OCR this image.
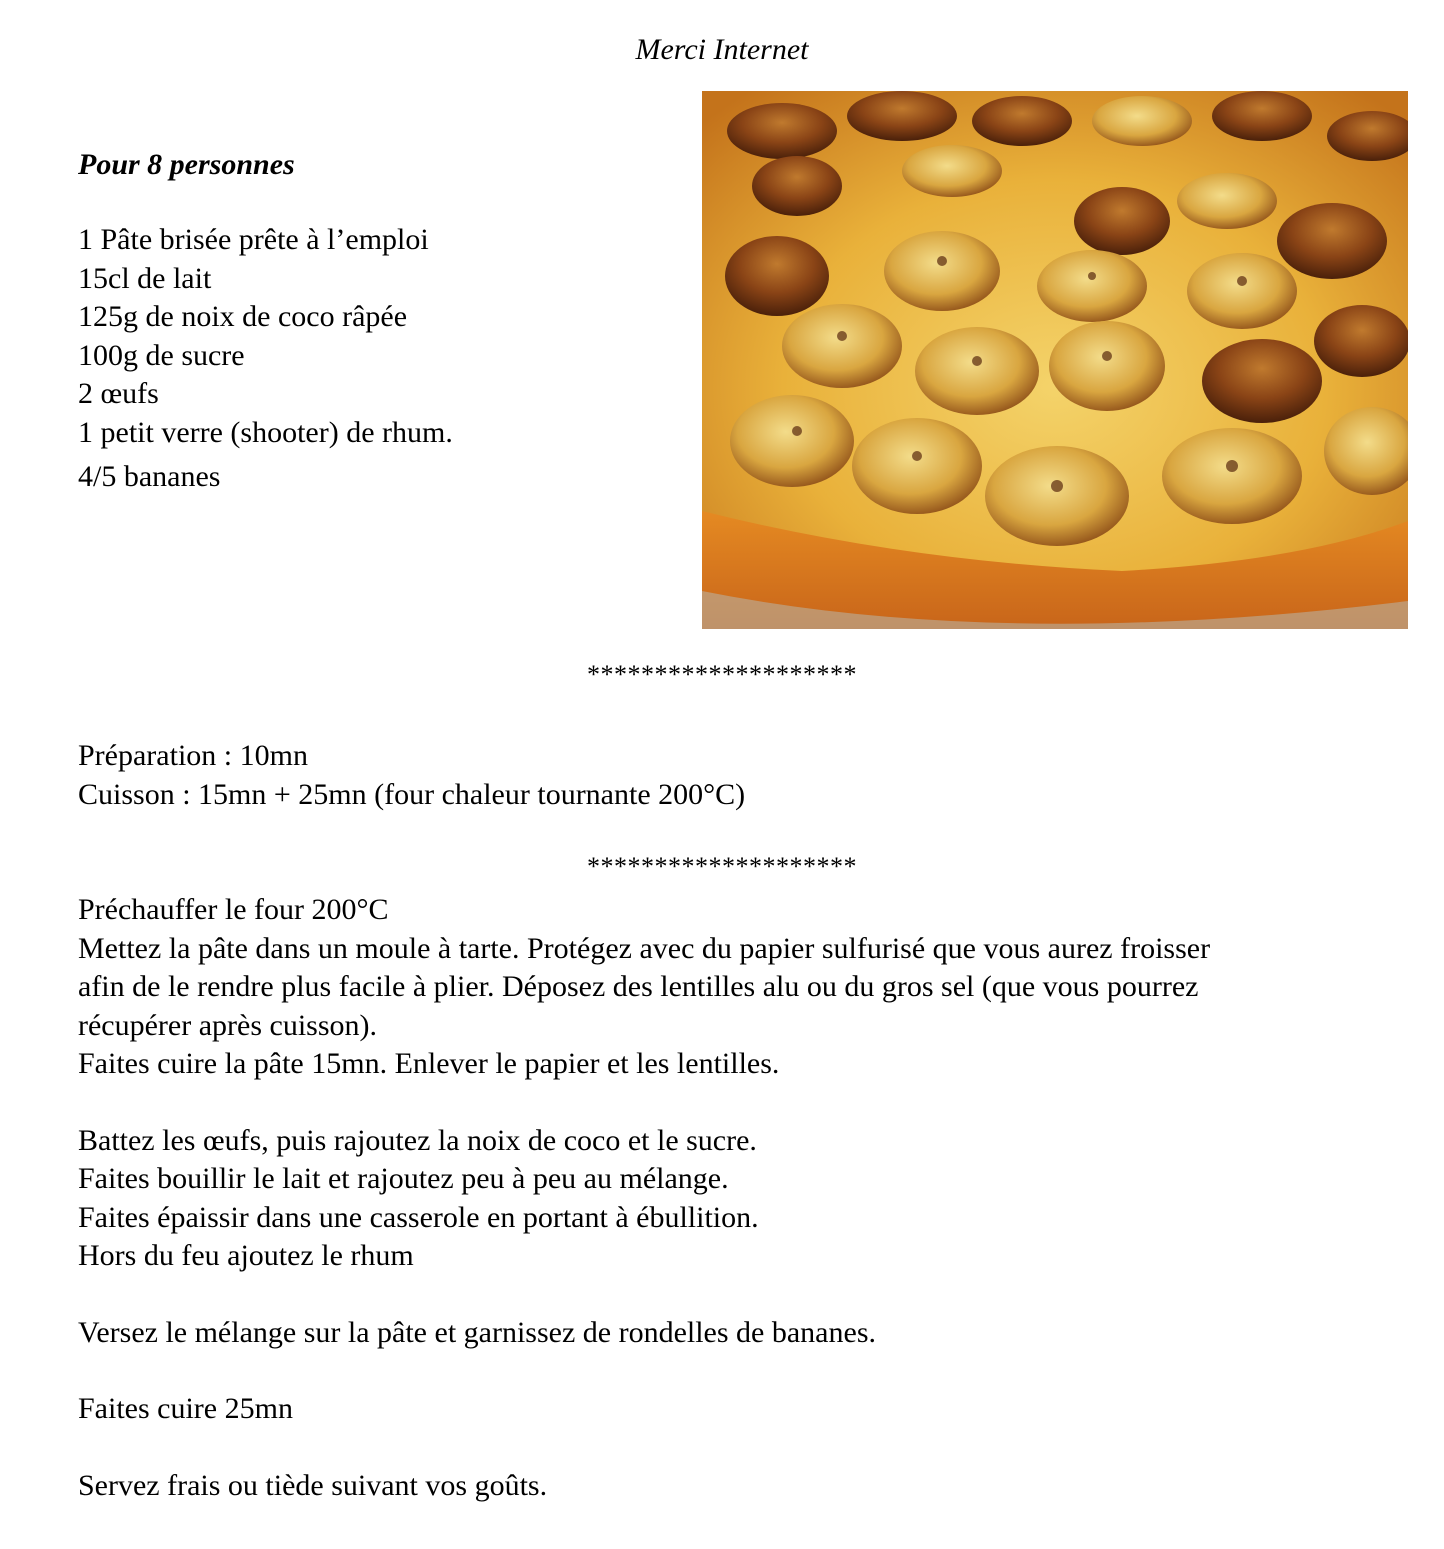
Merci Internet
Pour 8 personnes
1 Pâte brisée prête à l’emploi
15cl de lait
125g de noix de coco râpée
100g de sucre
2 œufs
1 petit verre (shooter) de rhum.
4/5 bananes
********************

Préparation : 10mn

Cuisson : 15mn + 25mn (four chaleur tournante 200°C)

********************

Préchauffer le four 200°C

Mettez la pâte dans un moule à tarte. Protégez avec du papier sulfurisé que vous aurez froisser

afin de le rendre plus facile à plier. Déposez des lentilles alu ou du gros sel (que vous pourrez

récupérer après cuisson).

Faites cuire la pâte 15mn. Enlever le papier et les lentilles.

Battez les œufs, puis rajoutez la noix de coco et le sucre.

Faites bouillir le lait et rajoutez peu à peu au mélange.

Faites épaissir dans une casserole en portant à ébullition.

Hors du feu ajoutez le rhum

Versez le mélange sur la pâte et garnissez de rondelles de bananes.

Faites cuire 25mn

Servez frais ou tiède suivant vos goûts.
